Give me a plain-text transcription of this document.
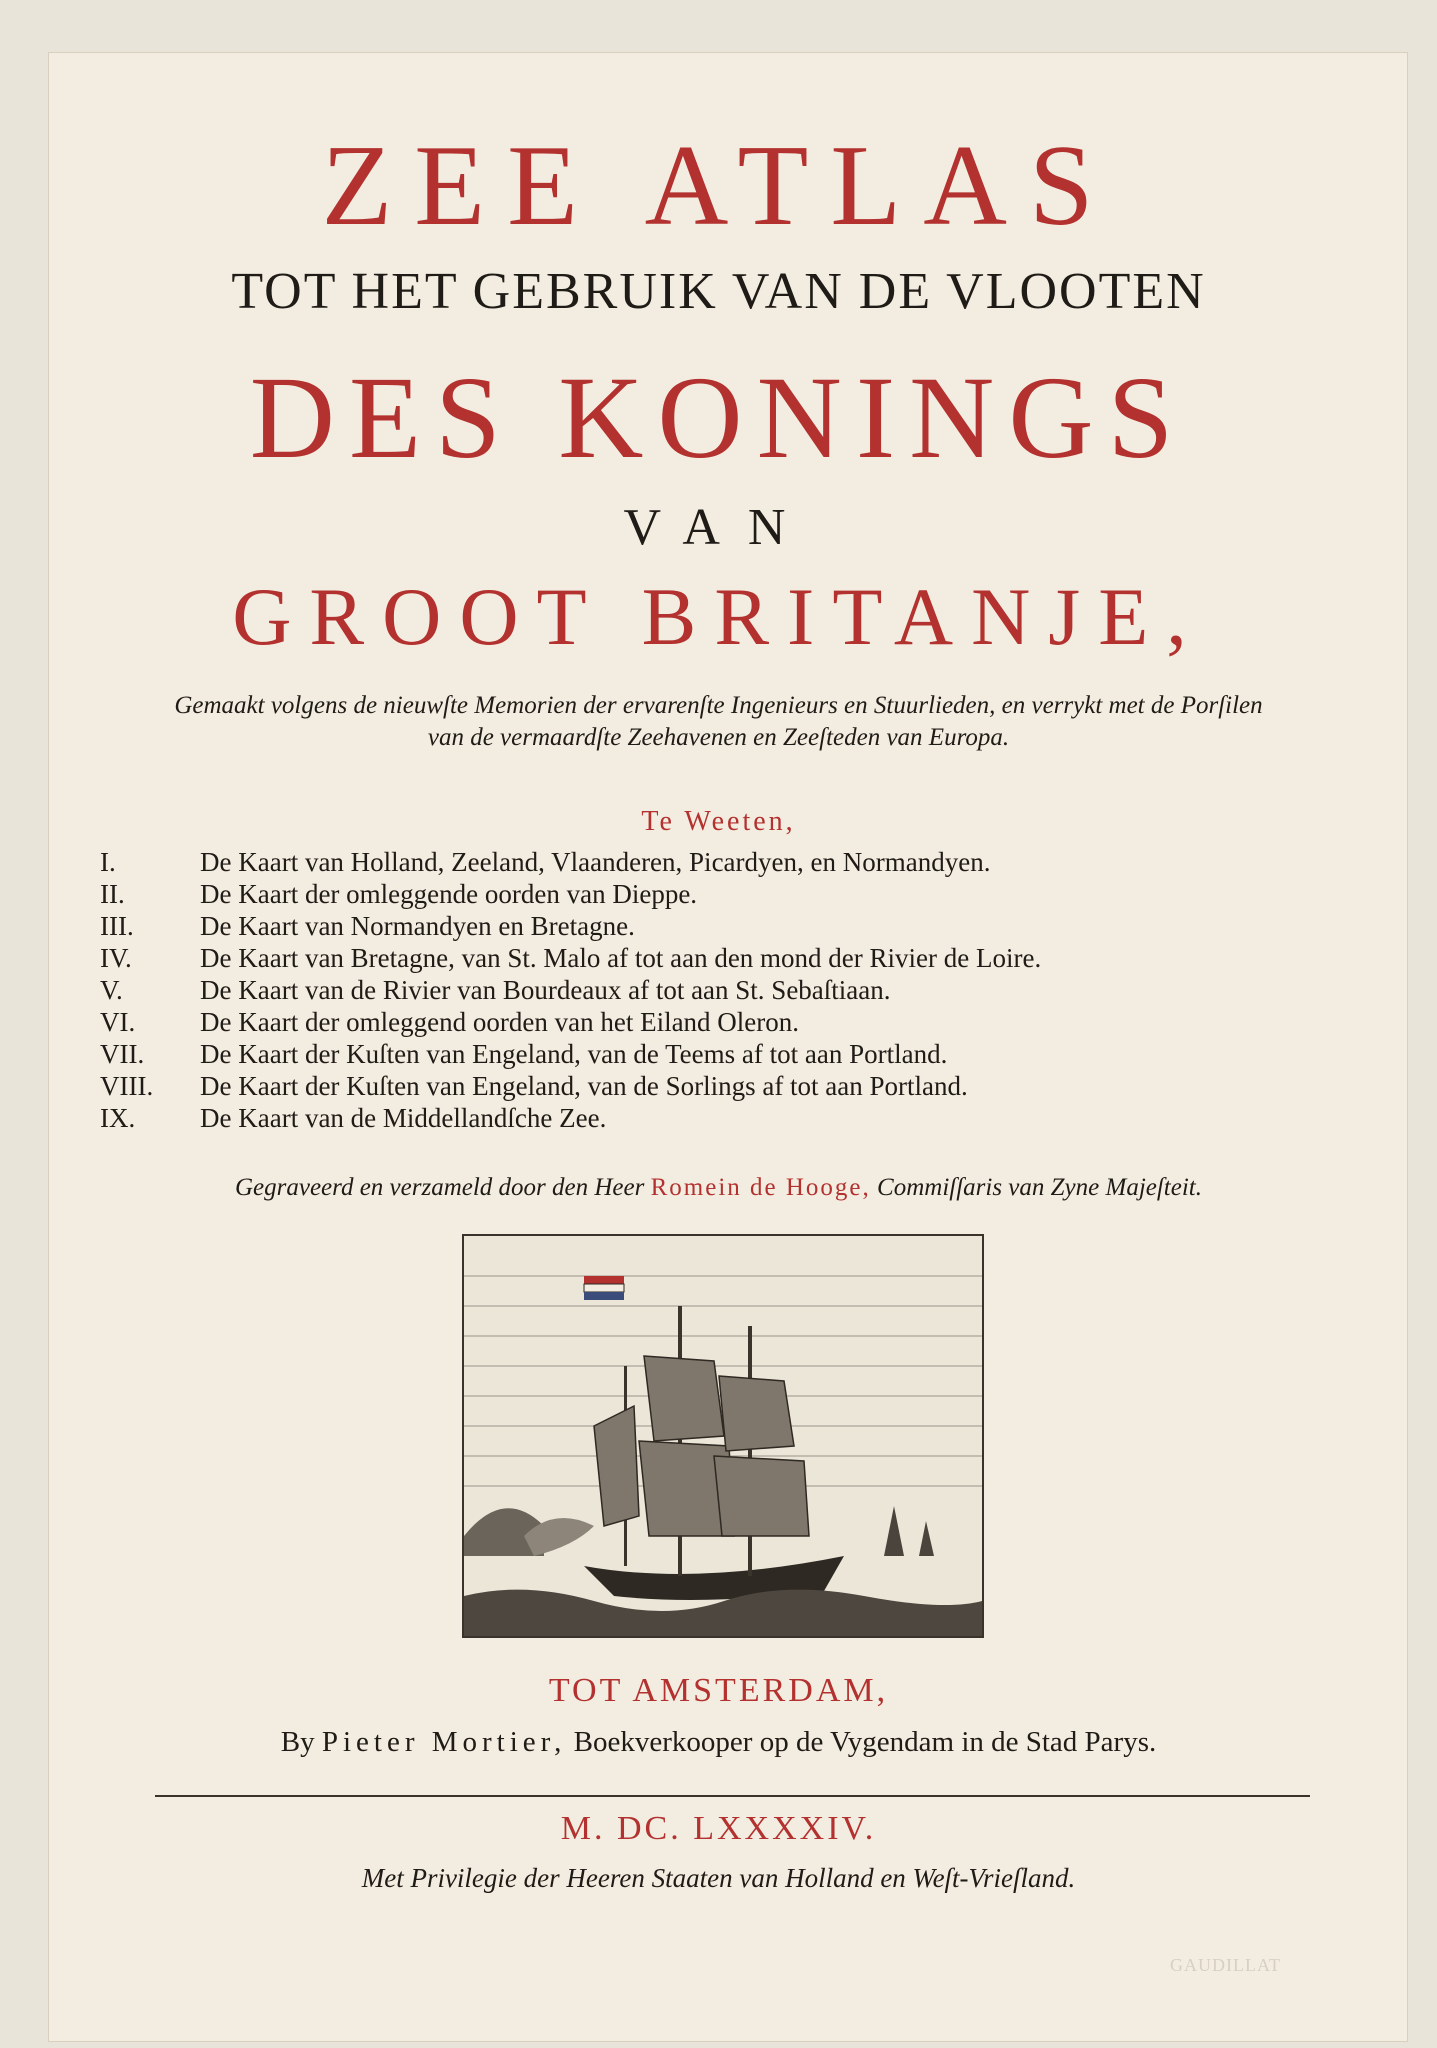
ZEE ATLAS
TOT HET GEBRUIK VAN DE VLOOTEN
DES KONINGS
VAN
GROOT BRITANJE,
Gemaakt volgens de nieuwſte Memorien der ervarenſte Ingenieurs en Stuurlieden, en verrykt met de Porſilen
van de vermaardſte Zeehavenen en Zeeſteden van Europa.
Te Weeten,
I.	De Kaart van Holland, Zeeland, Vlaanderen, Picardyen, en Normandyen.
II.	De Kaart der omleggende oorden van Dieppe.
III.	De Kaart van Normandyen en Bretagne.
IV.	De Kaart van Bretagne, van St. Malo af tot aan den mond der Rivier de Loire.
V.	De Kaart van de Rivier van Bourdeaux af tot aan St. Sebaſtiaan.
VI.	De Kaart der omleggend oorden van het Eiland Oleron.
VII.	De Kaart der Kuſten van Engeland, van de Teems af tot aan Portland.
VIII.	De Kaart der Kuſten van Engeland, van de Sorlings af tot aan Portland.
IX.	De Kaart van de Middellandſche Zee.
Gegraveerd en verzameld door den Heer Romein de Hooge, Commiſſaris van Zyne Majeſteit.
TOT AMSTERDAM,
By Pieter Mortier, Boekverkooper op de Vygendam in de Stad Parys.
M. DC. LXXXXIV.
Met Privilegie der Heeren Staaten van Holland en Weſt-Vrieſland.
GAUDILLAT
